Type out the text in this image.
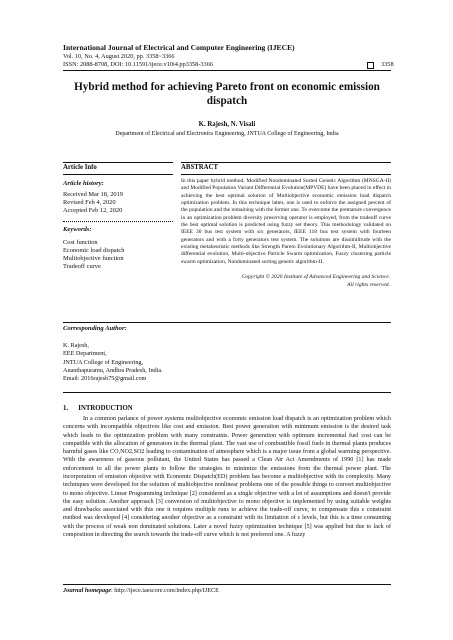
International Journal of Electrical and Computer Engineering (IJECE)
Vol. 10, No. 4, August 2020, pp. 3358~3366
ISSN: 2088-8708, DOI: 10.11591/ijece.v10i4.pp3358-3366	3358
Hybrid method for achieving Pareto front on economic emission dispatch
K. Rajesh, N. Visali
Department of Electrical and Electronics Engineering, JNTUA College of Engineering, India
Article Info	ABSTRACT
Article history:
Received Mar 18, 2019
Revised Feb 4, 2020
Accepted Feb 12, 2020
Keywords:
Cost function
Economic load dispatch
Multiobjective function
Tradeoff curve

In this paper hybrid method, Modified Nondominated Sorted Genetic Algorithm (MNSGA-II) and Modified Population Variant Differential Evolution(MPVDE) have been placed in effect in achieving the best optimal solution of Multiobjective economic emission load dispatch optimization problem. In this technique latter, one is used to enforce the assigned percent of the population and the remaining with the former one. To overcome the premature convergence in an optimization problem diversity preserving operator is employed, from the tradeoff curve the best optimal solution is predicted using fuzzy set theory. This methodology validated on IEEE 30 bus test system with six generators, IEEE 118 bus test system with fourteen generators and with a forty generators test system. The solutions are dissimilitude with the existing metaheuristic methods like Strength Pareto Evolutionary Algorithm-II, Multiobjective differential evolution, Multi-objective Particle Swarm optimization, Fuzzy clustering particle swarm optimization, Nondominated sorting genetic algorithm-II.

Copyright © 2020 Institute of Advanced Engineering and Science.
All rights reserved.
Corresponding Author:
K. Rajesh,
EEE Department,
JNTUA College of Engineering,
Ananthapuramu, Andhra Pradesh, India.
Email: 2016rajesh75@gmail.com
1.      INTRODUCTION

In a common parlance of power systems multiobjective economic emission load dispatch is an optimization problem which concerns with incompatible objectives like cost and emission. Best power generation with minimum emission is the desired task which leads to the optimization problem with many constraints. Power generation with optimum incremental fuel cost can be compatible with the allocation of generators in the thermal plant. The vast use of combustible fossil fuels in thermal plants produces harmful gases like CO,NO2,SO2 leading to contamination of atmosphere which is a major issue from a global warming perspective. With the awareness of gaseous pollutant, the United States has passed a Clean Air Act Amendments of 1990 [1] has made enforcement to all the power plants to follow the strategies to minimize the emissions from the thermal power plant. The incorporation of emission objective with Economic Dispatch(ED) problem has become a multiobjective with its complexity. Many techniques were developed for the solution of multiobjective nonlinear problems one of the possible things to convert multiobjective to mono objective. Linear Programming technique [2] considered as a single objective with a lot of assumptions and doesn't provide the easy solution. Another approach [3] conversion of multiobjective to mono objective is implemented by using suitable weights and drawbacks associated with this one it requires multiple runs to achieve the trade-off curve, to compensate this ε constraint method was developed [4] considering another objective as a constraint with its limitation of ε levels, but this is a time consuming with the process of weak non dominated solutions. Later a novel fuzzy optimization technique [5] was applied but due to lack of composition in directing the search towards the trade-off curve which is not preferred one. A fuzzy

Journal homepage: http://ijece.iaescore.com/index.php/IJECE
